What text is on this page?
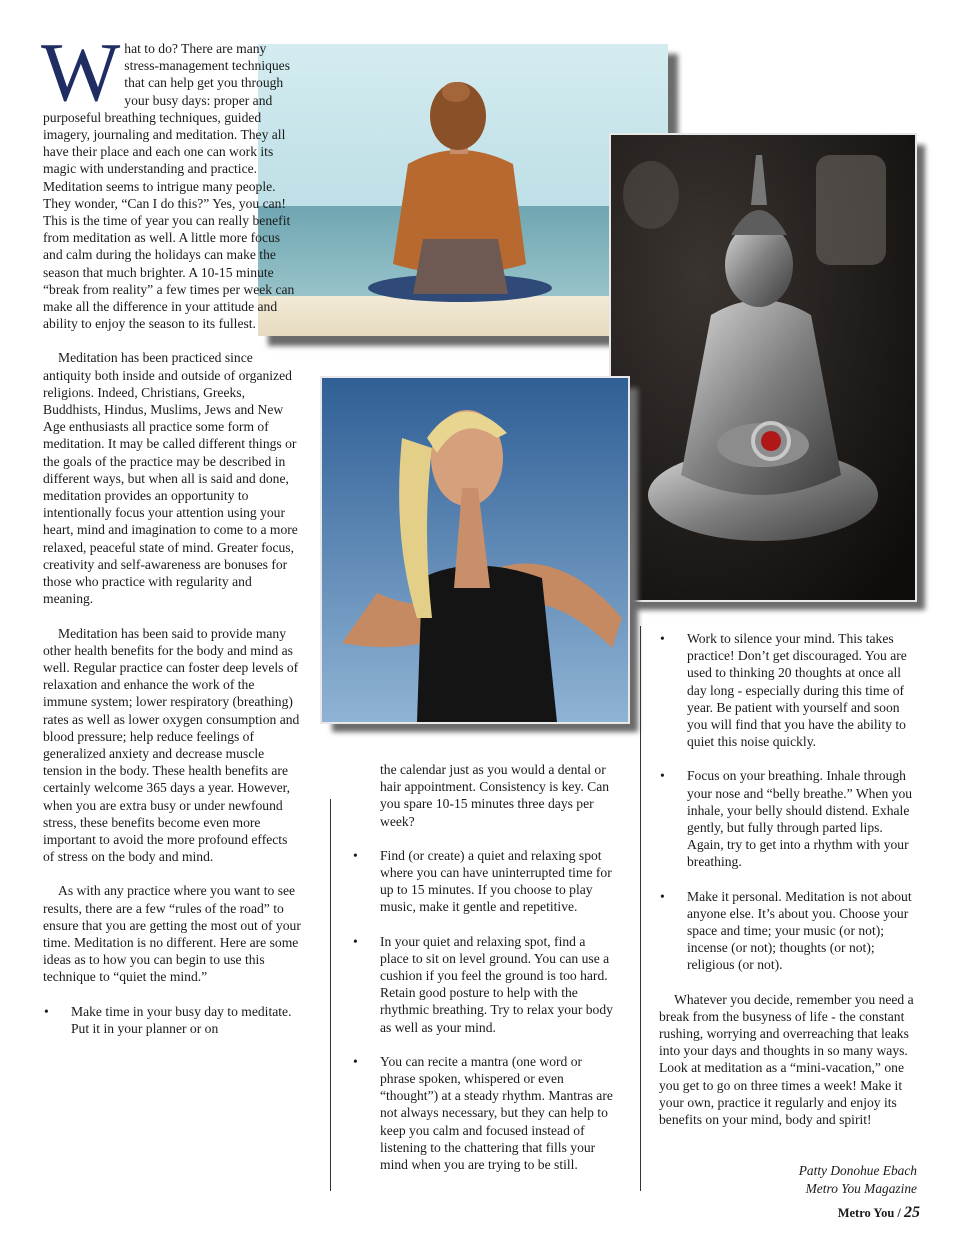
What to do? There are many stress-management techniques that can help get you through your busy days: proper and purposeful breathing techniques, guided imagery, journaling and meditation. They all have their place and each one can work its magic with understanding and practice. Meditation seems to intrigue many people. They wonder, “Can I do this?” Yes, you can! This is the time of year you can really benefit from meditation as well. A little more focus and calm during the holidays can make the season that much brighter. A 10-15 minute “break from reality” a few times per week can make all the difference in your attitude and ability to enjoy the season to its fullest.

Meditation has been practiced since antiquity both inside and outside of organized religions. Indeed, Christians, Greeks, Buddhists, Hindus, Muslims, Jews and New Age enthusiasts all practice some form of meditation. It may be called different things or the goals of the practice may be described in different ways, but when all is said and done, meditation provides an opportunity to intentionally focus your attention using your heart, mind and imagination to come to a more relaxed, peaceful state of mind. Greater focus, creativity and self-awareness are bonuses for those who practice with regularity and meaning.

Meditation has been said to provide many other health benefits for the body and mind as well. Regular practice can foster deep levels of relaxation and enhance the work of the immune system; lower respiratory (breathing) rates as well as lower oxygen consumption and blood pressure; help reduce feelings of generalized anxiety and decrease muscle tension in the body. These health benefits are certainly welcome 365 days a year. However, when you are extra busy or under newfound stress, these benefits become even more important to avoid the more profound effects of stress on the body and mind.

As with any practice where you want to see results, there are a few “rules of the road” to ensure that you are getting the most out of your time. Meditation is no different. Here are some ideas as to how you can begin to use this technique to “quiet the mind.”

• Make time in your busy day to meditate. Put it in your planner or on

the calendar just as you would a dental or hair appointment. Consistency is key. Can you spare 10-15 minutes three days per week?

• Find (or create) a quiet and relaxing spot where you can have uninterrupted time for up to 15 minutes. If you choose to play music, make it gentle and repetitive.

• In your quiet and relaxing spot, find a place to sit on level ground. You can use a cushion if you feel the ground is too hard. Retain good posture to help with the rhythmic breathing. Try to relax your body as well as your mind.

• You can recite a mantra (one word or phrase spoken, whispered or even “thought”) at a steady rhythm. Mantras are not always necessary, but they can help to keep you calm and focused instead of listening to the chattering that fills your mind when you are trying to be still.

• Work to silence your mind. This takes practice! Don’t get discouraged. You are used to thinking 20 thoughts at once all day long - especially during this time of year. Be patient with yourself and soon you will find that you have the ability to quiet this noise quickly.

• Focus on your breathing. Inhale through your nose and “belly breathe.” When you inhale, your belly should distend. Exhale gently, but fully through parted lips. Again, try to get into a rhythm with your breathing.

• Make it personal. Meditation is not about anyone else. It’s about you. Choose your space and time; your music (or not); incense (or not); thoughts (or not); religious (or not).

Whatever you decide, remember you need a break from the busyness of life - the constant rushing, worrying and overreaching that leaks into your days and thoughts in so many ways. Look at meditation as a “mini-vacation,” one you get to go on three times a week! Make it your own, practice it regularly and enjoy its benefits on your mind, body and spirit!

Patty Donohue Ebach
Metro You Magazine
Metro You / 25
